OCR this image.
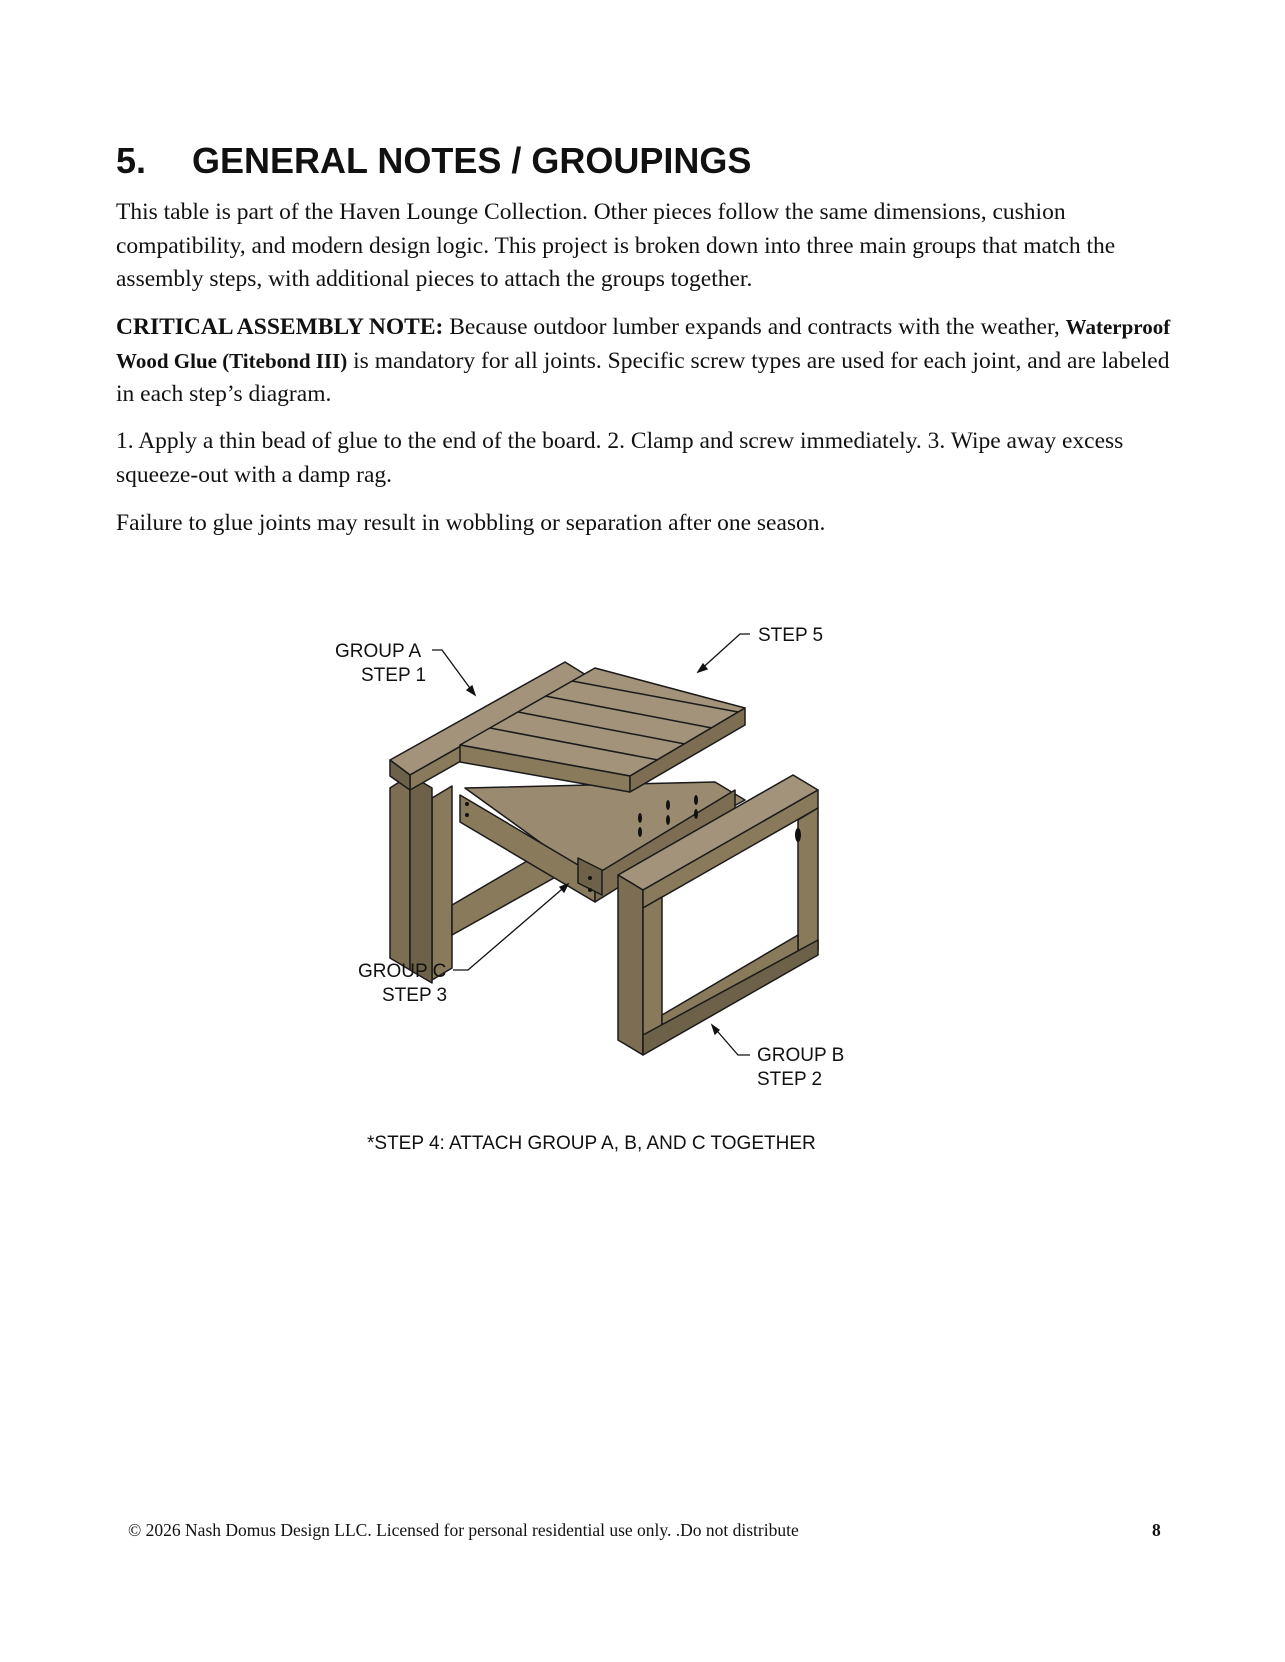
5. GENERAL NOTES / GROUPINGS

This table is part of the Haven Lounge Collection. Other pieces follow the same dimensions, cushion compatibility, and modern design logic. This project is broken down into three main groups that match the assembly steps, with additional pieces to attach the groups together.

CRITICAL ASSEMBLY NOTE: Because outdoor lumber expands and contracts with the weather, Waterproof Wood Glue (Titebond III) is mandatory for all joints. Specific screw types are used for each joint, and are labeled in each step’s diagram.

1. Apply a thin bead of glue to the end of the board. 2. Clamp and screw immediately. 3. Wipe away excess squeeze-out with a damp rag.

Failure to glue joints may result in wobbling or separation after one season.

GROUP A
STEP 1
STEP 5
GROUP C
STEP 3
GROUP B
STEP 2
*STEP 4: ATTACH GROUP A, B, AND C TOGETHER
© 2026 Nash Domus Design LLC. Licensed for personal residential use only. .Do not distribute	8
